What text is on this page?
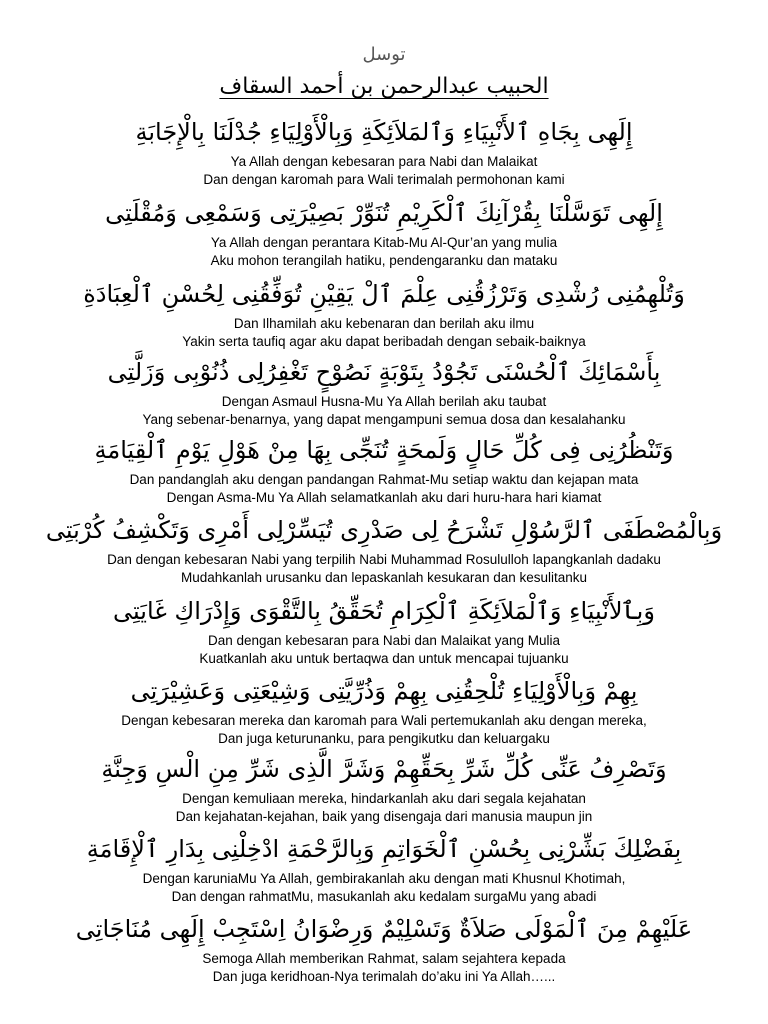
توسل
الحبيب عبدالرحمن بن أحمد السقاف
إِلَهِى بِجَاهِ ٱلأَنْبِيَاءِ وَٱلمَلاَئِكَةِ وَبِالْأَوْلِيَاءِ جُدْلَنَا بِالْإِجَابَةِ
Ya Allah dengan kebesaran para Nabi dan Malaikat
Dan dengan karomah para Wali terimalah permohonan kami
إِلَهِى تَوَسَّلْنَا بِقُرْآنِكَ ٱلْكَرِيْمِ تُنَوِّرْ بَصِيْرَتِى وَسَمْعِى وَمُقْلَتِى
Ya Allah dengan perantara Kitab-Mu Al-Qur’an yang mulia
Aku mohon terangilah hatiku, pendengaranku dan mataku
وَتُلْهِمُنِى رُشْدِى وَتَرْزُقُنِى عِلْمَ ٱلْ يَقِيْنِ تُوَفِّقُنِى لِحُسْنِ ٱلْعِبَادَةِ
Dan Ilhamilah aku kebenaran dan berilah aku ilmu
Yakin serta taufiq agar aku dapat beribadah dengan sebaik-baiknya
بِأَسْمَائِكَ ٱلْحُسْنَى تَجُوْدُ بِتَوْبَةٍ نَصُوْحٍ تَغْفِرُلِى ذُنُوْبِى وَزَلَّتِى
Dengan Asmaul Husna-Mu Ya Allah berilah aku taubat
Yang sebenar-benarnya, yang dapat mengampuni semua dosa dan kesalahanku
وَتَنْظُرُنِى فِى كُلِّ حَالٍ وَلَمحَةٍ تُنَجِّى بِهَا مِنْ هَوْلِ يَوْمِ ٱلْقِيَامَةِ
Dan pandanglah aku dengan pandangan Rahmat-Mu setiap waktu dan kejapan mata
Dengan Asma-Mu Ya Allah selamatkanlah aku dari huru-hara hari kiamat
وَبِالْمُصْطَفَى ٱلرَّسُوْلِ تَشْرَحُ لِى صَدْرِى تُيَسِّرْلِى أَمْرِى وَتَكْشِفُ كُرْبَتِى
Dan dengan kebesaran Nabi yang terpilih Nabi Muhammad Rosululloh lapangkanlah dadaku
Mudahkanlah urusanku dan lepaskanlah kesukaran dan kesulitanku
وَبِٱلأَنْبِيَاءِ وَٱلْمَلاَئِكَةِ ٱلْكِرَامِ تُحَقِّقُ بِالتَّقْوَى وَإِدْرَاكِ غَايَتِى
Dan dengan kebesaran para Nabi dan Malaikat yang Mulia
Kuatkanlah aku untuk bertaqwa dan untuk mencapai tujuanku
بِهِمْ وَبِالْأَوْلِيَاءِ تُلْحِقُنِى بِهِمْ وَذُرِّيَّتِى وَشِيْعَتِى وَعَشِيْرَتِى
Dengan kebesaran mereka dan karomah para Wali pertemukanlah aku dengan mereka,
Dan juga keturunanku, para pengikutku dan keluargaku
وَتَصْرِفُ عَنِّى كُلِّ شَرِّ بِحَقِّهِمْ وَشَرَّ الَّذِى شَرِّ مِنِ الْسِ وَجِنَّةِ
Dengan kemuliaan mereka, hindarkanlah aku dari segala kejahatan
Dan kejahatan-kejahan, baik yang disengaja dari manusia maupun jin
بِفَضْلِكَ بَشِّرْنِى بِحُسْنِ ٱلْخَوَاتِمِ وَبِالرَّحْمَةِ ادْخِلْنِى بِدَارِ ٱلْإِقَامَةِ
Dengan karuniaMu Ya Allah, gembirakanlah aku dengan mati Khusnul Khotimah,
Dan dengan rahmatMu, masukanlah aku kedalam surgaMu yang abadi
عَلَيْهِمْ مِنَ ٱلْمَوْلَى صَلاَةٌ وَتَسْلِيْمٌ وَرِضْوَانُ اِسْتَجِبْ إِلَهِى مُنَاجَاتِى
Semoga Allah memberikan Rahmat, salam sejahtera kepada
Dan juga keridhoan-Nya terimalah do’aku ini Ya Allah…...
